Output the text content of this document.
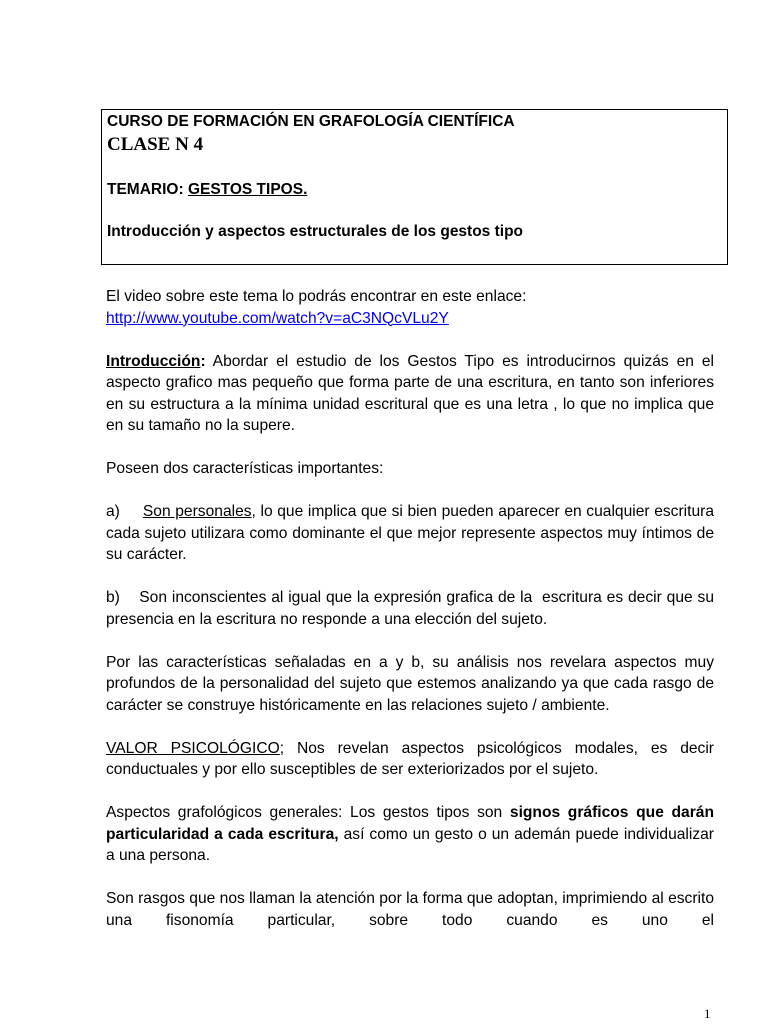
CURSO DE FORMACIÓN EN GRAFOLOGÍA CIENTÍFICA
CLASE N 4
TEMARIO: GESTOS TIPOS.
Introducción y aspectos estructurales de los gestos tipo

El video sobre este tema lo podrás encontrar en este enlace:

http://www.youtube.com/watch?v=aC3NQcVLu2Y

Introducción: Abordar el estudio de los Gestos Tipo es introducirnos quizás en el aspecto grafico mas pequeño que forma parte de una escritura, en tanto son inferiores en su estructura a la mínima unidad escritural que es una letra , lo que no implica que en su tamaño no la supere.

Poseen dos características importantes:

a)     Son personales, lo que implica que si bien pueden aparecer en cualquier escritura cada sujeto utilizara como dominante el que mejor represente aspectos muy íntimos de su carácter.

b)    Son inconscientes al igual que la expresión grafica de la  escritura es decir que su presencia en la escritura no responde a una elección del sujeto.

Por las características señaladas en a y b, su análisis nos revelara aspectos muy profundos de la personalidad del sujeto que estemos analizando ya que cada rasgo de carácter se construye históricamente en las relaciones sujeto / ambiente.

VALOR PSICOLÓGICO; Nos revelan aspectos psicológicos modales, es decir conductuales y por ello susceptibles de ser exteriorizados por el sujeto.

Aspectos grafológicos generales: Los gestos tipos son signos gráficos que darán particularidad a cada escritura, así como un gesto o un ademán puede individualizar a una persona.

Son rasgos que nos llaman la atención por la forma que adoptan, imprimiendo al escrito una fisonomía particular, sobre todo cuando es uno el

1
